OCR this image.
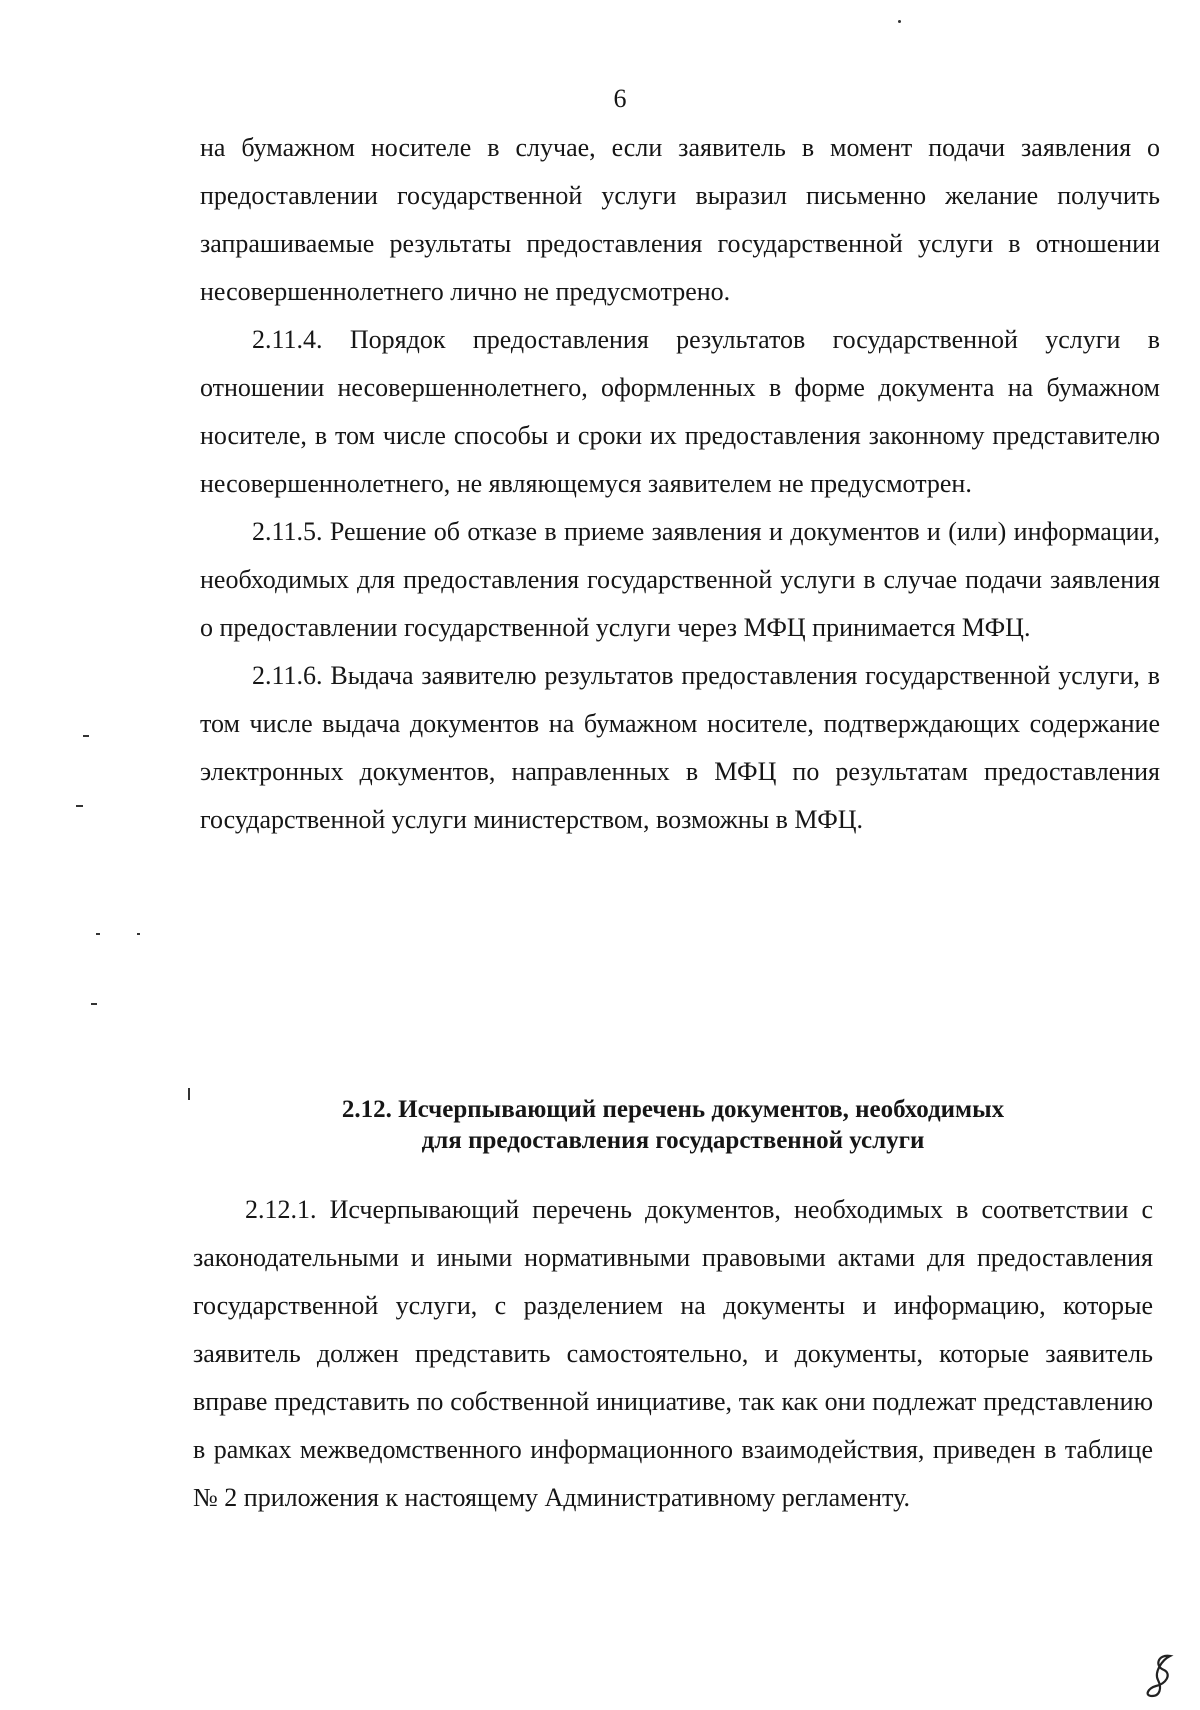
6

на бумажном носителе в случае, если заявитель в момент подачи заявления о предоставлении государственной услуги выразил письменно желание получить запрашиваемые результаты предоставления государственной услуги в отношении несовершеннолетнего лично не предусмотрено.

2.11.4. Порядок предоставления результатов государственной услуги в отношении несовершеннолетнего, оформленных в форме документа на бумажном носителе, в том числе способы и сроки их предоставления законному представителю несовершеннолетнего, не являющемуся заявителем не предусмотрен.

2.11.5. Решение об отказе в приеме заявления и документов и (или) информации, необходимых для предоставления государственной услуги в случае подачи заявления о предоставлении государственной услуги через МФЦ принимается МФЦ.

2.11.6. Выдача заявителю результатов предоставления государственной услуги, в том числе выдача документов на бумажном носителе, подтверждающих содержание электронных документов, направленных в МФЦ по результатам предоставления государственной услуги министерством, возможны в МФЦ.

2.12. Исчерпывающий перечень документов, необходимых
для предоставления государственной услуги

2.12.1. Исчерпывающий перечень документов, необходимых в соответствии с законодательными и иными нормативными правовыми актами для предоставления государственной услуги, с разделением на документы и информацию, которые заявитель должен представить самостоятельно, и документы, которые заявитель вправе представить по собственной инициативе, так как они подлежат представлению в рамках межведомственного информационного взаимодействия, приведен в таблице № 2 приложения к настоящему Административному регламенту.
